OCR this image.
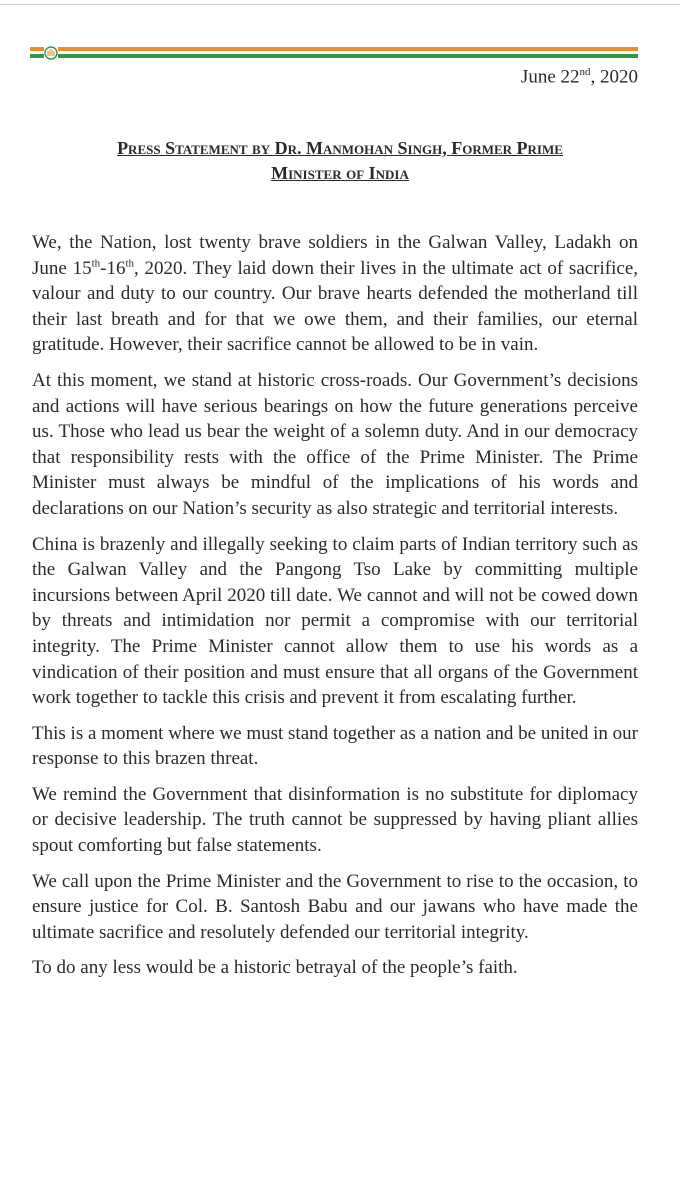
June 22nd, 2020
Press Statement by Dr. Manmohan Singh, Former Prime
Minister of India

We, the Nation, lost twenty brave soldiers in the Galwan Valley, Ladakh on June 15th-16th, 2020. They laid down their lives in the ultimate act of sacrifice, valour and duty to our country. Our brave hearts defended the motherland till their last breath and for that we owe them, and their families, our eternal gratitude. However, their sacrifice cannot be allowed to be in vain.

At this moment, we stand at historic cross-roads. Our Government’s decisions and actions will have serious bearings on how the future generations perceive us. Those who lead us bear the weight of a solemn duty. And in our democracy that responsibility rests with the office of the Prime Minister. The Prime Minister must always be mindful of the implications of his words and declarations on our Nation’s security as also strategic and territorial interests.

China is brazenly and illegally seeking to claim parts of Indian territory such as the Galwan Valley and the Pangong Tso Lake by committing multiple incursions between April 2020 till date. We cannot and will not be cowed down by threats and intimidation nor permit a compromise with our territorial integrity. The Prime Minister cannot allow them to use his words as a vindication of their position and must ensure that all organs of the Government work together to tackle this crisis and prevent it from escalating further.

This is a moment where we must stand together as a nation and be united in our response to this brazen threat.

We remind the Government that disinformation is no substitute for diplomacy or decisive leadership. The truth cannot be suppressed by having pliant allies spout comforting but false statements.

We call upon the Prime Minister and the Government to rise to the occasion, to ensure justice for Col. B. Santosh Babu and our jawans who have made the ultimate sacrifice and resolutely defended our territorial integrity.

To do any less would be a historic betrayal of the people’s faith.
